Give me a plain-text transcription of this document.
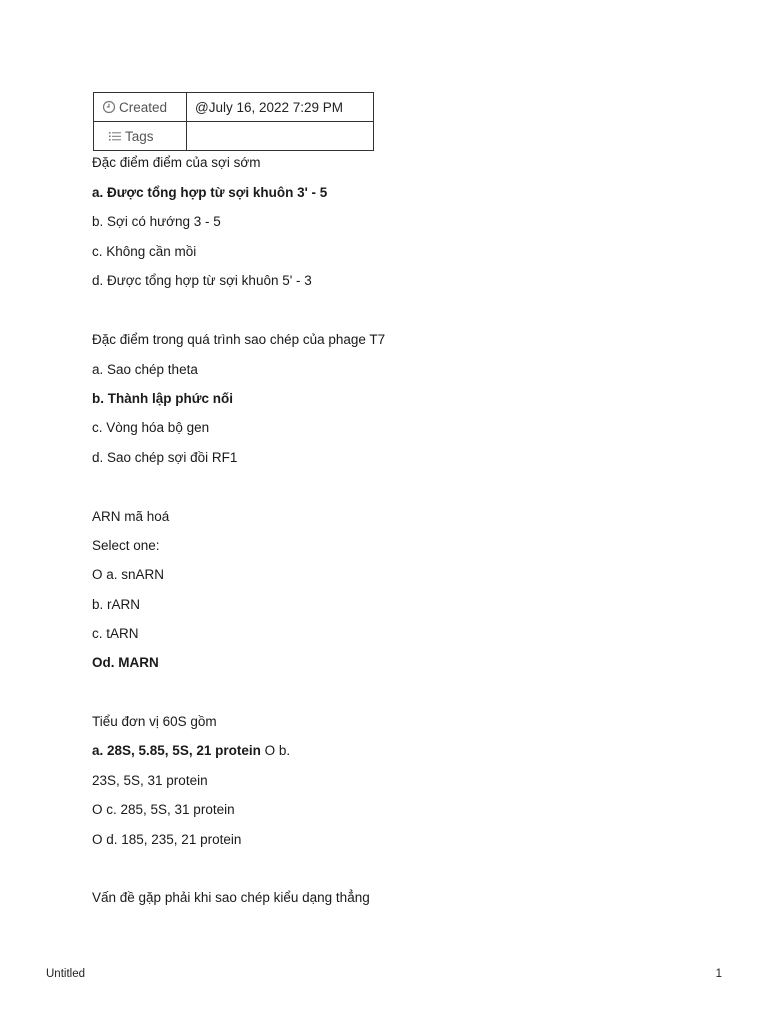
Created	@July 16, 2022 7:29 PM
Tags	
Đặc điểm điểm của sợi sớm
a. Được tổng hợp từ sợi khuôn 3' - 5
b. Sợi có hướng 3 - 5
c. Không cần mồi
d. Được tổng hợp từ sợi khuôn 5' - 3
Đặc điểm trong quá trình sao chép của phage T7
a. Sao chép theta
b. Thành lập phức nối
c. Vòng hóa bộ gen
d. Sao chép sợi đồi RF1
ARN mã hoá
Select one:
O a. snARN
b. rARN
c. tARN
Od. MARN
Tiểu đơn vị 60S gồm
a. 28S, 5.85, 5S, 21 protein O b.
23S, 5S, 31 protein
O c. 285, 5S, 31 protein
O d. 185, 235, 21 protein
Vấn đề gặp phải khi sao chép kiểu dạng thẳng
Untitled	1
